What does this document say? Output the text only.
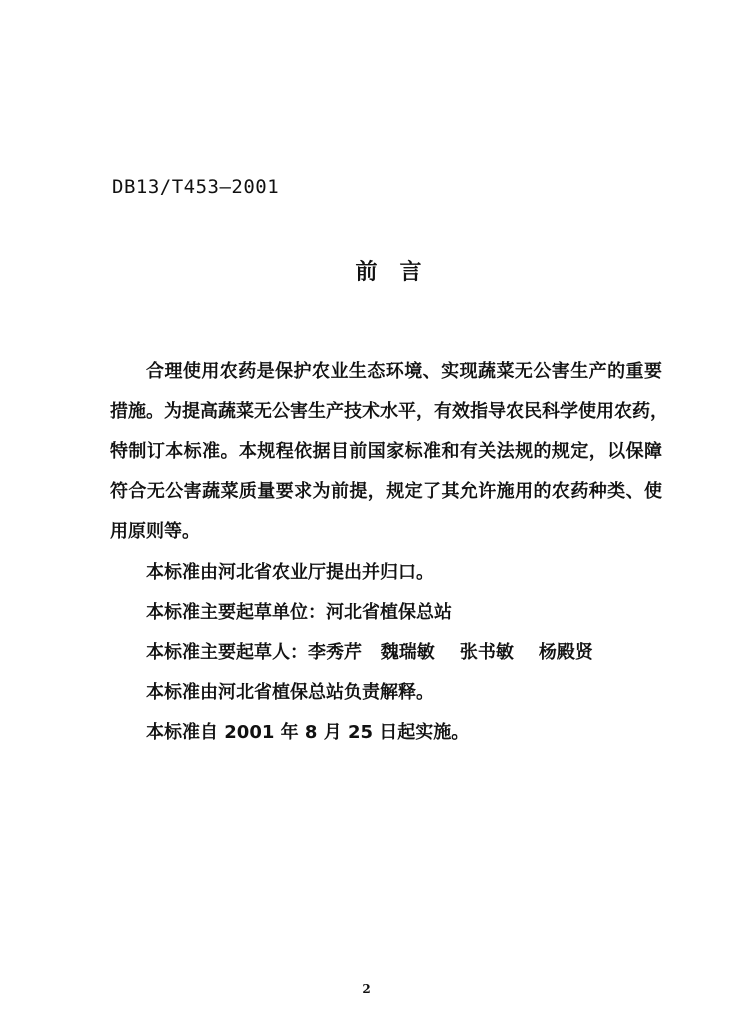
DB13/T453—2001
前言
合理使用农药是保护农业生态环境、实现蔬菜无公害生产的重要
措施。为提高蔬菜无公害生产技术水平，有效指导农民科学使用农药，
特制订本标准。本规程依据目前国家标准和有关法规的规定，以保障
符合无公害蔬菜质量要求为前提，规定了其允许施用的农药种类、使
用原则等。
本标准由河北省农业厅提出并归口。
本标准主要起草单位：河北省植保总站
本标准主要起草人：李秀芹   魏瑞敏    张书敏    杨殿贤
本标准由河北省植保总站负责解释。
本标准自 2001 年 8 月 25 日起实施。
2
